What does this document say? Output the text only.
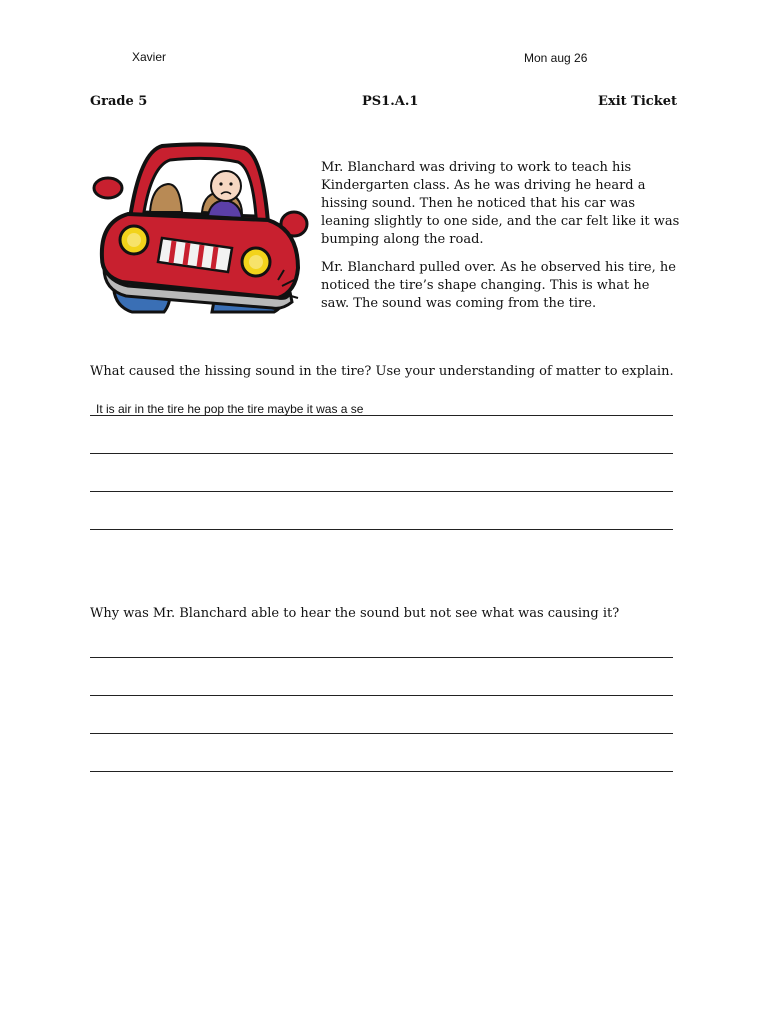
Xavier	Mon aug 26
Grade 5	PS1.A.1	Exit Ticket

Mr. Blanchard was driving to work to teach his Kindergarten class. As he was driving he heard a hissing sound. Then he noticed that his car was leaning slightly to one side, and the car felt like it was bumping along the road.

Mr. Blanchard pulled over. As he observed his tire, he noticed the tire’s shape changing. This is what he saw. The sound was coming from the tire.

What caused the hissing sound in the tire? Use your understanding of matter to explain.
It is air in the tire he pop the tire maybe it was a se
Why was Mr. Blanchard able to hear the sound but not see what was causing it?
